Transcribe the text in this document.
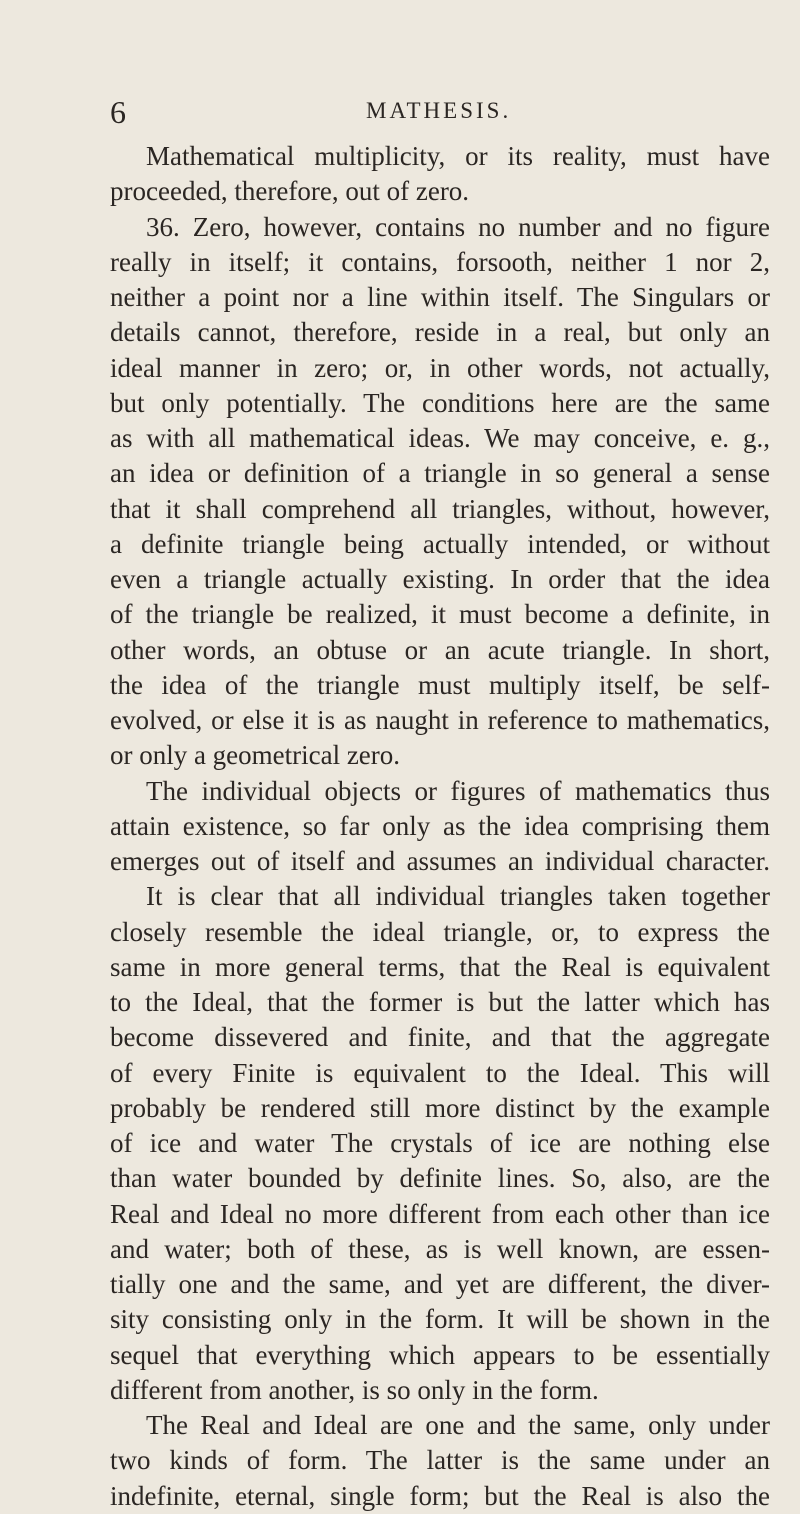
6	MATHESIS.
Mathematical multiplicity, or its reality, must have
proceeded, therefore, out of zero.
36. Zero, however, contains no number and no figure
really in itself; it contains, forsooth, neither 1 nor 2,
neither a point nor a line within itself. The Singulars or
details cannot, therefore, reside in a real, but only an
ideal manner in zero; or, in other words, not actually,
but only potentially. The conditions here are the same
as with all mathematical ideas. We may conceive, e. g.,
an idea or definition of a triangle in so general a sense
that it shall comprehend all triangles, without, however,
a definite triangle being actually intended, or without
even a triangle actually existing. In order that the idea
of the triangle be realized, it must become a definite, in
other words, an obtuse or an acute triangle. In short,
the idea of the triangle must multiply itself, be self-
evolved, or else it is as naught in reference to mathematics,
or only a geometrical zero.
The individual objects or figures of mathematics thus
attain existence, so far only as the idea comprising them
emerges out of itself and assumes an individual character.
It is clear that all individual triangles taken together
closely resemble the ideal triangle, or, to express the
same in more general terms, that the Real is equivalent
to the Ideal, that the former is but the latter which has
become dissevered and finite, and that the aggregate
of every Finite is equivalent to the Ideal. This will
probably be rendered still more distinct by the example
of ice and water The crystals of ice are nothing else
than water bounded by definite lines. So, also, are the
Real and Ideal no more different from each other than ice
and water; both of these, as is well known, are essen-
tially one and the same, and yet are different, the diver-
sity consisting only in the form. It will be shown in the
sequel that everything which appears to be essentially
different from another, is so only in the form.
The Real and Ideal are one and the same, only under
two kinds of form. The latter is the same under an
indefinite, eternal, single form; but the Real is also the
